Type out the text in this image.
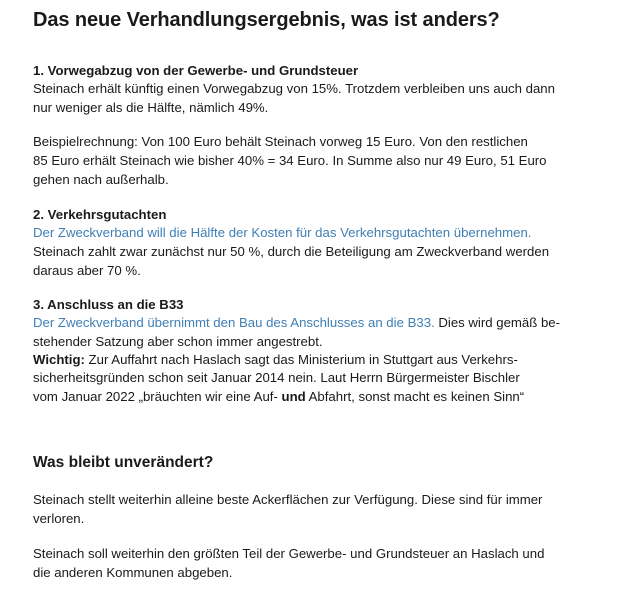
Das neue Verhandlungsergebnis, was ist anders?
1. Vorwegabzug von der Gewerbe- und Grundsteuer
Steinach erhält künftig einen Vorwegabzug von 15%. Trotzdem verbleiben uns auch dann
nur weniger als die Hälfte, nämlich 49%.
Beispielrechnung: Von 100 Euro behält Steinach vorweg 15 Euro. Von den restlichen
85 Euro erhält Steinach wie bisher 40% = 34 Euro. In Summe also nur 49 Euro, 51 Euro
gehen nach außerhalb.
2. Verkehrsgutachten
Der Zweckverband will die Hälfte der Kosten für das Verkehrsgutachten übernehmen.
Steinach zahlt zwar zunächst nur 50 %, durch die Beteiligung am Zweckverband werden
daraus aber 70 %.
3. Anschluss an die B33
Der Zweckverband übernimmt den Bau des Anschlusses an die B33. Dies wird gemäß be-
stehender Satzung aber schon immer angestrebt.
Wichtig: Zur Auffahrt nach Haslach sagt das Ministerium in Stuttgart aus Verkehrs-
sicherheitsgründen schon seit Januar 2014 nein. Laut Herrn Bürgermeister Bischler
vom Januar 2022 „bräuchten wir eine Auf- und Abfahrt, sonst macht es keinen Sinn“
Was bleibt unverändert?
Steinach stellt weiterhin alleine beste Ackerflächen zur Verfügung. Diese sind für immer
verloren.
Steinach soll weiterhin den größten Teil der Gewerbe- und Grundsteuer an Haslach und
die anderen Kommunen abgeben.
